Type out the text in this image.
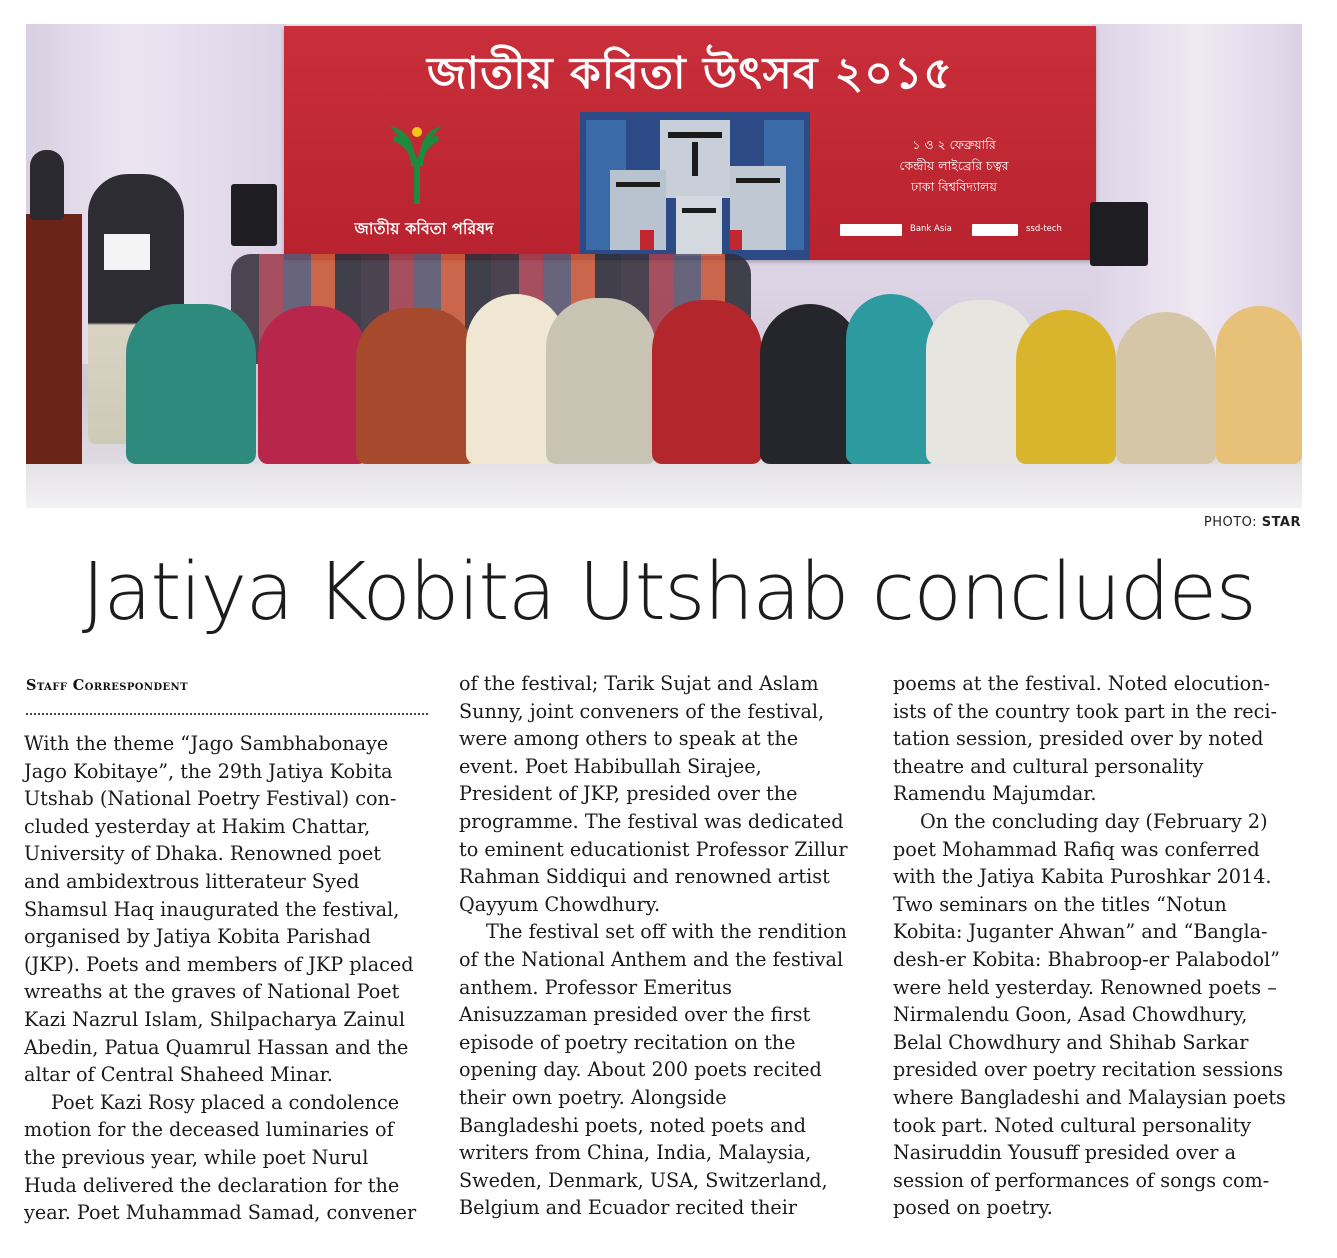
জাতীয় কবিতা উৎসব ২০১৫
জাতীয় কবিতা পরিষদ
১ ও ২ ফেব্রুয়ারি
কেন্দ্রীয় লাইব্রেরি চত্বর
ঢাকা বিশ্ববিদ্যালয়
Bank Asia	ssd-tech
PHOTO: STAR
Jatiya Kobita Utshab concludes
Staff Correspondent
With the theme “Jago Sambhabonaye
Jago Kobitaye”, the 29th Jatiya Kobita
Utshab (National Poetry Festival) con-
cluded yesterday at Hakim Chattar,
University of Dhaka. Renowned poet
and ambidextrous litterateur Syed
Shamsul Haq inaugurated the festival,
organised by Jatiya Kobita Parishad
(JKP). Poets and members of JKP placed
wreaths at the graves of National Poet
Kazi Nazrul Islam, Shilpacharya Zainul
Abedin, Patua Quamrul Hassan and the
altar of Central Shaheed Minar.
Poet Kazi Rosy placed a condolence
motion for the deceased luminaries of
the previous year, while poet Nurul
Huda delivered the declaration for the
year. Poet Muhammad Samad, convener
of the festival; Tarik Sujat and Aslam
Sunny, joint conveners of the festival,
were among others to speak at the
event. Poet Habibullah Sirajee,
President of JKP, presided over the
programme. The festival was dedicated
to eminent educationist Professor Zillur
Rahman Siddiqui and renowned artist
Qayyum Chowdhury.
The festival set off with the rendition
of the National Anthem and the festival
anthem. Professor Emeritus
Anisuzzaman presided over the first
episode of poetry recitation on the
opening day. About 200 poets recited
their own poetry. Alongside
Bangladeshi poets, noted poets and
writers from China, India, Malaysia,
Sweden, Denmark, USA, Switzerland,
Belgium and Ecuador recited their
poems at the festival. Noted elocution-
ists of the country took part in the reci-
tation session, presided over by noted
theatre and cultural personality
Ramendu Majumdar.
On the concluding day (February 2)
poet Mohammad Rafiq was conferred
with the Jatiya Kabita Puroshkar 2014.
Two seminars on the titles “Notun
Kobita: Juganter Ahwan” and “Bangla-
desh-er Kobita: Bhabroop-er Palabodol”
were held yesterday. Renowned poets –
Nirmalendu Goon, Asad Chowdhury,
Belal Chowdhury and Shihab Sarkar
presided over poetry recitation sessions
where Bangladeshi and Malaysian poets
took part. Noted cultural personality
Nasiruddin Yousuff presided over a
session of performances of songs com-
posed on poetry.
